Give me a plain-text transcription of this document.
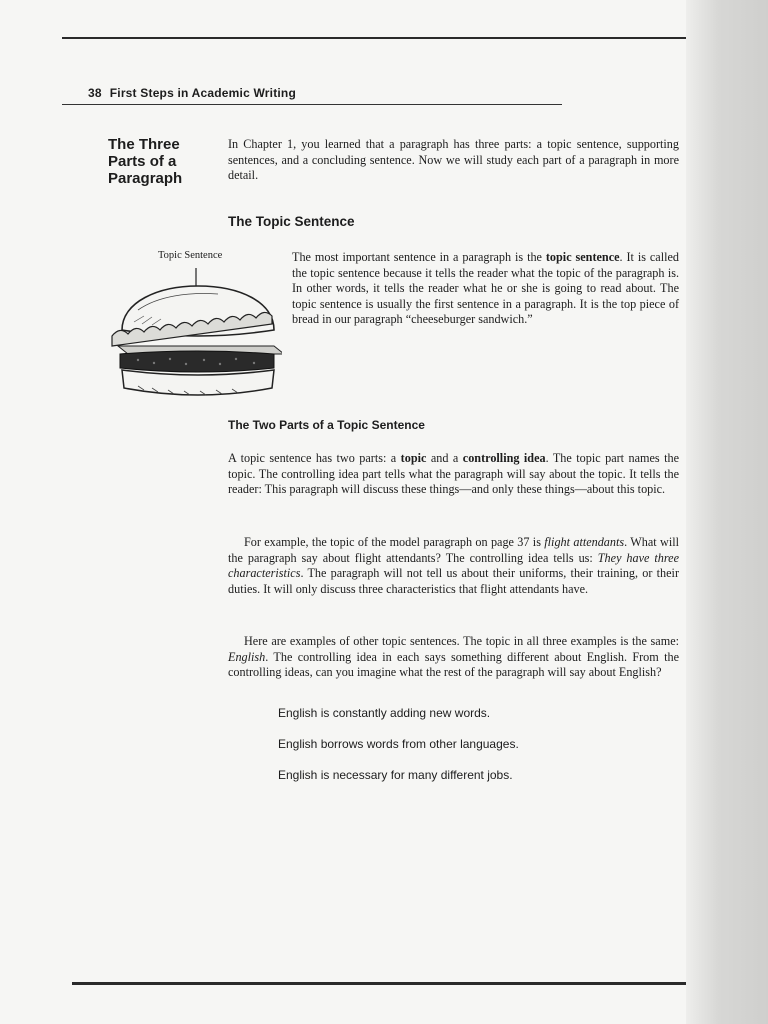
38 First Steps in Academic Writing
The Three
Parts of a
Paragraph
In Chapter 1, you learned that a paragraph has three parts: a topic sentence, supporting sentences, and a concluding sentence. Now we will study each part of a paragraph in more detail.
The Topic Sentence
Topic Sentence	The most important sentence in a paragraph is the topic sentence. It is called the topic sentence because it tells the reader what the topic of the paragraph is. In other words, it tells the reader what he or she is going to read about. The topic sentence is usually the first sentence in a paragraph. It is the top piece of bread in our paragraph “cheeseburger sandwich.”
The Two Parts of a Topic Sentence
A topic sentence has two parts: a topic and a controlling idea. The topic part names the topic. The controlling idea part tells what the paragraph will say about the topic. It tells the reader: This paragraph will discuss these things—and only these things—about this topic.
For example, the topic of the model paragraph on page 37 is flight attendants. What will the paragraph say about flight attendants? The controlling idea tells us: They have three characteristics. The paragraph will not tell us about their uniforms, their training, or their duties. It will only discuss three characteristics that flight attendants have.
Here are examples of other topic sentences. The topic in all three examples is the same: English. The controlling idea in each says something different about English. From the controlling ideas, can you imagine what the rest of the paragraph will say about English?
English is constantly adding new words.
English borrows words from other languages.
English is necessary for many different jobs.
